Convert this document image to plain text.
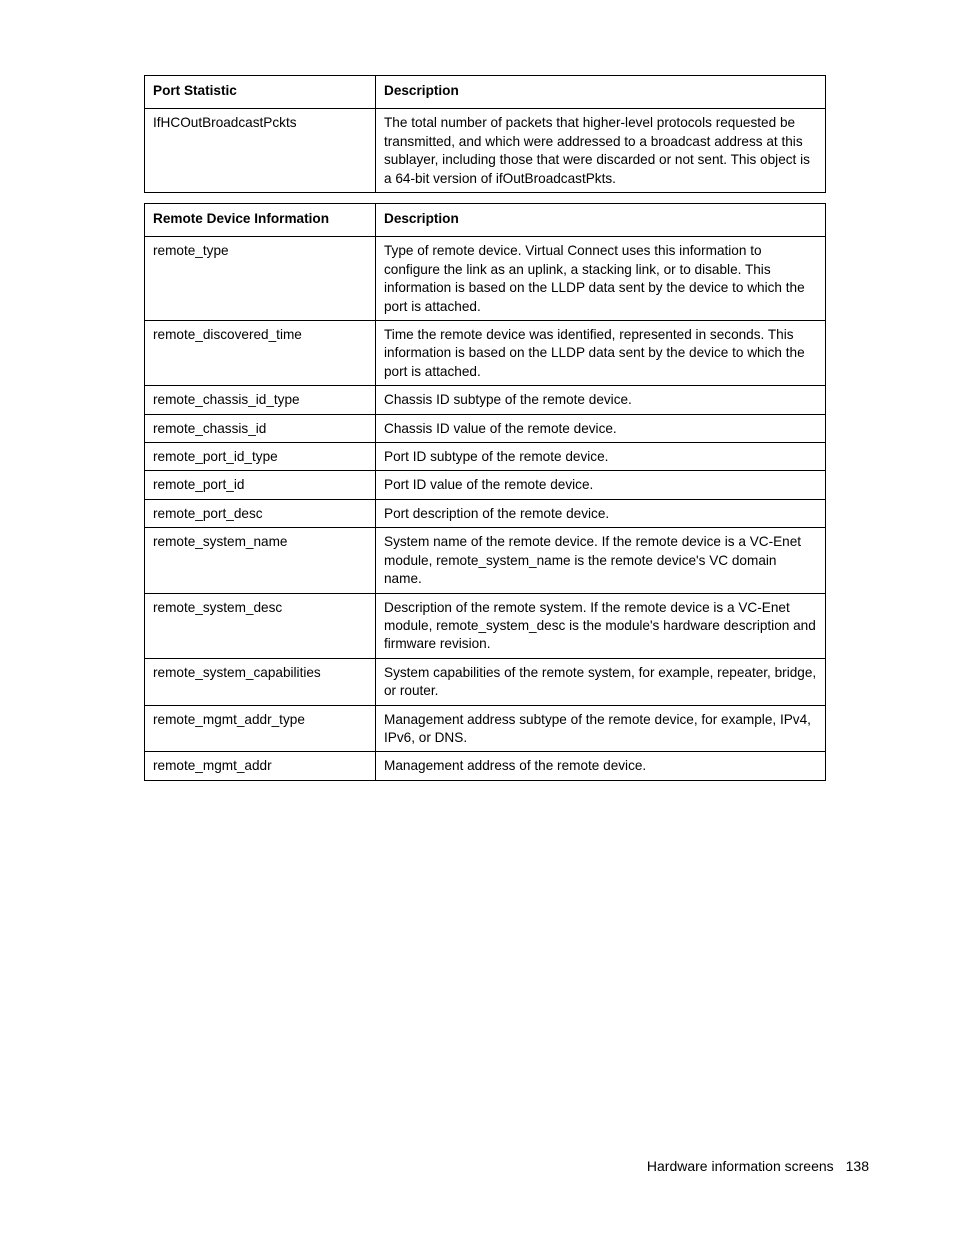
Port Statistic	Description
IfHCOutBroadcastPckts	The total number of packets that higher-level protocols requested be transmitted, and which were addressed to a broadcast address at this sublayer, including those that were discarded or not sent. This object is a 64-bit version of ifOutBroadcastPkts.
Remote Device Information	Description
remote_type	Type of remote device. Virtual Connect uses this information to configure the link as an uplink, a stacking link, or to disable. This information is based on the LLDP data sent by the device to which the port is attached.
remote_discovered_time	Time the remote device was identified, represented in seconds. This information is based on the LLDP data sent by the device to which the port is attached.
remote_chassis_id_type	Chassis ID subtype of the remote device.
remote_chassis_id	Chassis ID value of the remote device.
remote_port_id_type	Port ID subtype of the remote device.
remote_port_id	Port ID value of the remote device.
remote_port_desc	Port description of the remote device.
remote_system_name	System name of the remote device. If the remote device is a VC-Enet module, remote_system_name is the remote device's VC domain name.
remote_system_desc	Description of the remote system. If the remote device is a VC-Enet module, remote_system_desc is the module's hardware description and firmware revision.
remote_system_capabilities	System capabilities of the remote system, for example, repeater, bridge, or router.
remote_mgmt_addr_type	Management address subtype of the remote device, for example, IPv4, IPv6, or DNS.
remote_mgmt_addr	Management address of the remote device.
Hardware information screens 138
